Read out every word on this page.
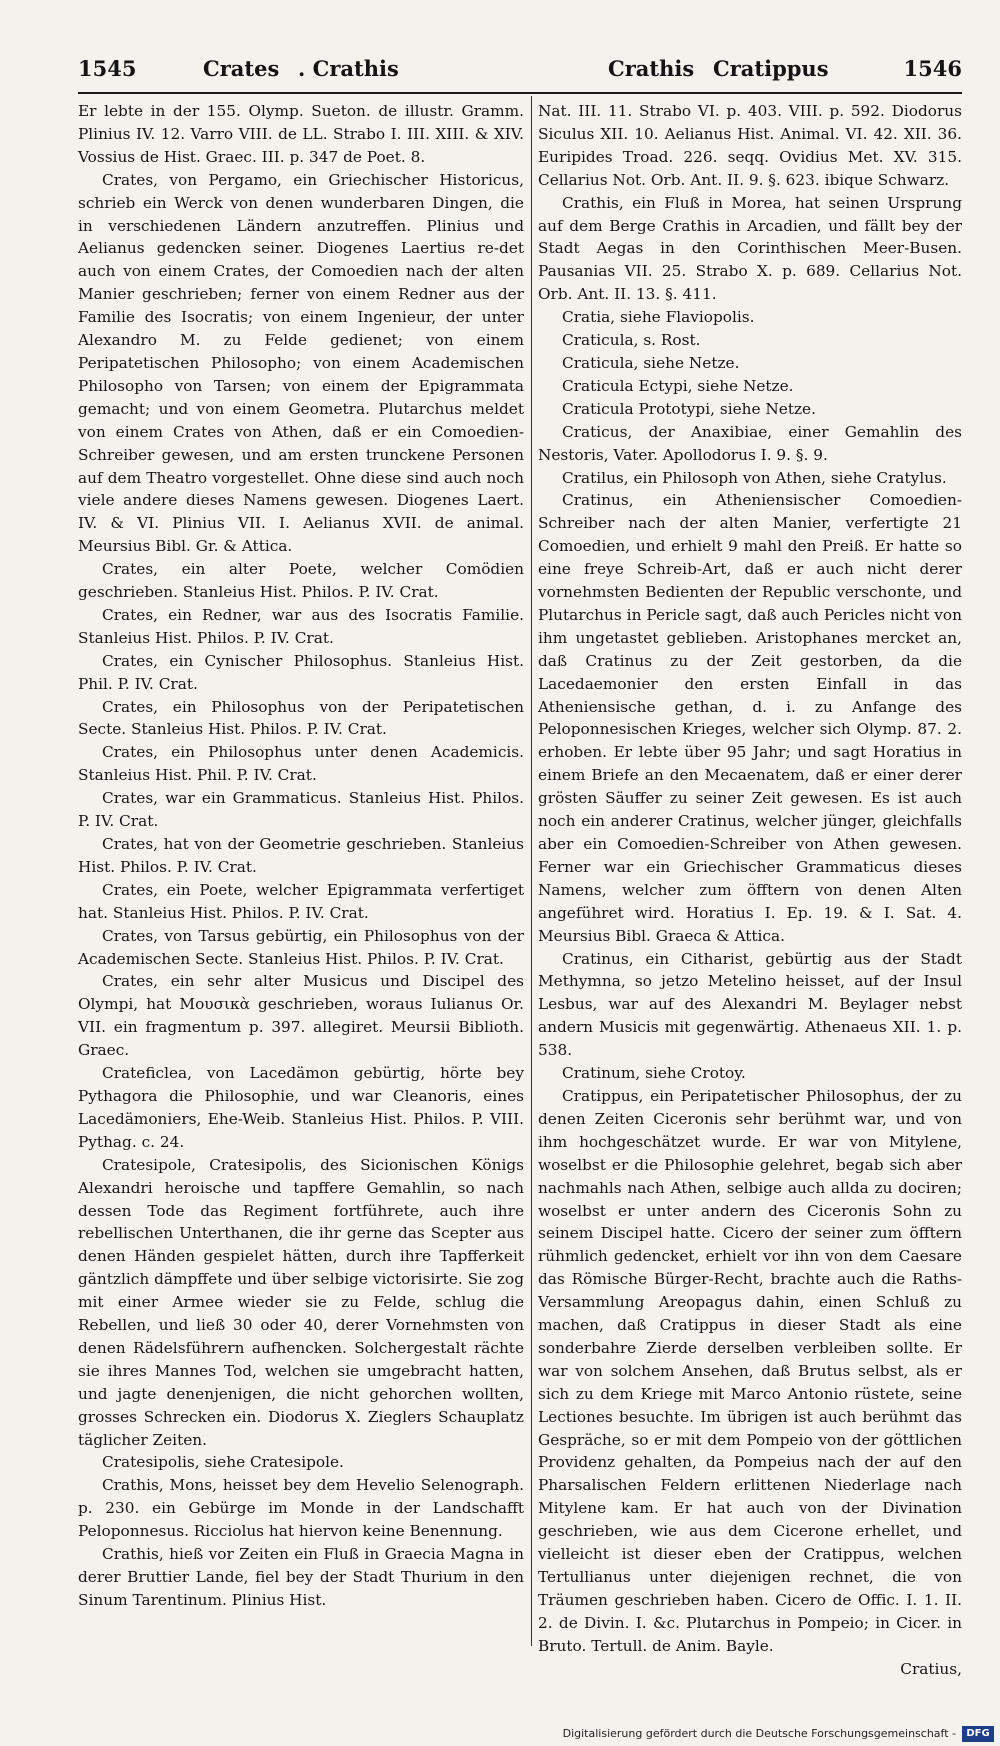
1545	Crates . Crathis	Crathis Cratippus	1546

Er lebte in der 155. Olymp. Sueton. de illustr. Gramm. Plinius IV. 12. Varro VIII. de LL. Strabo I. III. XIII. & XIV. Vossius de Hist. Graec. III. p. 347 de Poet. 8.

Crates, von Pergamo, ein Griechischer Historicus, schrieb ein Werck von denen wunderbaren Dingen, die in verschiedenen Ländern anzutreffen. Plinius und Aelianus gedencken seiner. Diogenes Laertius re-det auch von einem Crates, der Comoedien nach der alten Manier geschrieben; ferner von einem Redner aus der Familie des Isocratis; von einem Ingenieur, der unter Alexandro M. zu Felde gedienet; von einem Peripatetischen Philosopho; von einem Academischen Philosopho von Tarsen; von einem der Epigrammata gemacht; und von einem Geometra. Plutarchus meldet von einem Crates von Athen, daß er ein Comoedien-Schreiber gewesen, und am ersten trunckene Personen auf dem Theatro vorgestellet. Ohne diese sind auch noch viele andere dieses Namens gewesen. Diogenes Laert. IV. & VI. Plinius VII. I. Aelianus XVII. de animal. Meursius Bibl. Gr. & Attica.

Crates, ein alter Poete, welcher Comödien geschrieben. Stanleius Hist. Philos. P. IV. Crat.

Crates, ein Redner, war aus des Isocratis Familie. Stanleius Hist. Philos. P. IV. Crat.

Crates, ein Cynischer Philosophus. Stanleius Hist. Phil. P. IV. Crat.

Crates, ein Philosophus von der Peripatetischen Secte. Stanleius Hist. Philos. P. IV. Crat.

Crates, ein Philosophus unter denen Academicis. Stanleius Hist. Phil. P. IV. Crat.

Crates, war ein Grammaticus. Stanleius Hist. Philos. P. IV. Crat.

Crates, hat von der Geometrie geschrieben. Stanleius Hist. Philos. P. IV. Crat.

Crates, ein Poete, welcher Epigrammata verfertiget hat. Stanleius Hist. Philos. P. IV. Crat.

Crates, von Tarsus gebürtig, ein Philosophus von der Academischen Secte. Stanleius Hist. Philos. P. IV. Crat.

Crates, ein sehr alter Musicus und Discipel des Olympi, hat Μουσικὰ geschrieben, woraus Iulianus Or. VII. ein fragmentum p. 397. allegiret. Meursii Biblioth. Graec.

Crateficlea, von Lacedämon gebürtig, hörte bey Pythagora die Philosophie, und war Cleanoris, eines Lacedämoniers, Ehe-Weib. Stanleius Hist. Philos. P. VIII. Pythag. c. 24.

Cratesipole, Cratesipolis, des Sicionischen Königs Alexandri heroische und tapffere Gemahlin, so nach dessen Tode das Regiment fortführete, auch ihre rebellischen Unterthanen, die ihr gerne das Scepter aus denen Händen gespielet hätten, durch ihre Tapfferkeit gäntzlich dämpffete und über selbige victorisirte. Sie zog mit einer Armee wieder sie zu Felde, schlug die Rebellen, und ließ 30 oder 40, derer Vornehmsten von denen Rädelsführern aufhencken. Solchergestalt rächte sie ihres Mannes Tod, welchen sie umgebracht hatten, und jagte denenjenigen, die nicht gehorchen wollten, grosses Schrecken ein. Diodorus X. Zieglers Schauplatz täglicher Zeiten.

Cratesipolis, siehe Cratesipole.

Crathis, Mons, heisset bey dem Hevelio Selenograph. p. 230. ein Gebürge im Monde in der Landschafft Peloponnesus. Ricciolus hat hiervon keine Benennung.

Crathis, hieß vor Zeiten ein Fluß in Graecia Magna in derer Bruttier Lande, fiel bey der Stadt Thurium in den Sinum Tarentinum. Plinius Hist.

Nat. III. 11. Strabo VI. p. 403. VIII. p. 592. Diodorus Siculus XII. 10. Aelianus Hist. Animal. VI. 42. XII. 36. Euripides Troad. 226. seqq. Ovidius Met. XV. 315. Cellarius Not. Orb. Ant. II. 9. §. 623. ibique Schwarz.

Crathis, ein Fluß in Morea, hat seinen Ursprung auf dem Berge Crathis in Arcadien, und fällt bey der Stadt Aegas in den Corinthischen Meer-Busen. Pausanias VII. 25. Strabo X. p. 689. Cellarius Not. Orb. Ant. II. 13. §. 411.

Cratia, siehe Flaviopolis.

Craticula, s. Rost.

Craticula, siehe Netze.

Craticula Ectypi, siehe Netze.

Craticula Prototypi, siehe Netze.

Craticus, der Anaxibiae, einer Gemahlin des Nestoris, Vater. Apollodorus I. 9. §. 9.

Cratilus, ein Philosoph von Athen, siehe Cratylus.

Cratinus, ein Atheniensischer Comoedien-Schreiber nach der alten Manier, verfertigte 21 Comoedien, und erhielt 9 mahl den Preiß. Er hatte so eine freye Schreib-Art, daß er auch nicht derer vornehmsten Bedienten der Republic verschonte, und Plutarchus in Pericle sagt, daß auch Pericles nicht von ihm ungetastet geblieben. Aristophanes mercket an, daß Cratinus zu der Zeit gestorben, da die Lacedaemonier den ersten Einfall in das Atheniensische gethan, d. i. zu Anfange des Peloponnesischen Krieges, welcher sich Olymp. 87. 2. erhoben. Er lebte über 95 Jahr; und sagt Horatius in einem Briefe an den Mecaenatem, daß er einer derer grösten Säuffer zu seiner Zeit gewesen. Es ist auch noch ein anderer Cratinus, welcher jünger, gleichfalls aber ein Comoedien-Schreiber von Athen gewesen. Ferner war ein Griechischer Grammaticus dieses Namens, welcher zum öfftern von denen Alten angeführet wird. Horatius I. Ep. 19. & I. Sat. 4. Meursius Bibl. Graeca & Attica.

Cratinus, ein Citharist, gebürtig aus der Stadt Methymna, so jetzo Metelino heisset, auf der Insul Lesbus, war auf des Alexandri M. Beylager nebst andern Musicis mit gegenwärtig. Athenaeus XII. 1. p. 538.

Cratinum, siehe Crotoy.

Cratippus, ein Peripatetischer Philosophus, der zu denen Zeiten Ciceronis sehr berühmt war, und von ihm hochgeschätzet wurde. Er war von Mitylene, woselbst er die Philosophie gelehret, begab sich aber nachmahls nach Athen, selbige auch allda zu dociren; woselbst er unter andern des Ciceronis Sohn zu seinem Discipel hatte. Cicero der seiner zum öfftern rühmlich gedencket, erhielt vor ihn von dem Caesare das Römische Bürger-Recht, brachte auch die Raths-Versammlung Areopagus dahin, einen Schluß zu machen, daß Cratippus in dieser Stadt als eine sonderbahre Zierde derselben verbleiben sollte. Er war von solchem Ansehen, daß Brutus selbst, als er sich zu dem Kriege mit Marco Antonio rüstete, seine Lectiones besuchte. Im übrigen ist auch berühmt das Gespräche, so er mit dem Pompeio von der göttlichen Providenz gehalten, da Pompeius nach der auf den Pharsalischen Feldern erlittenen Niederlage nach Mitylene kam. Er hat auch von der Divination geschrieben, wie aus dem Cicerone erhellet, und vielleicht ist dieser eben der Cratippus, welchen Tertullianus unter diejenigen rechnet, die von Träumen geschrieben haben. Cicero de Offic. I. 1. II. 2. de Divin. I. &c. Plutarchus in Pompeio; in Cicer. in Bruto. Tertull. de Anim. Bayle.

Cratius,

Digitalisierung gefördert durch die Deutsche Forschungsgemeinschaft -	DFG
